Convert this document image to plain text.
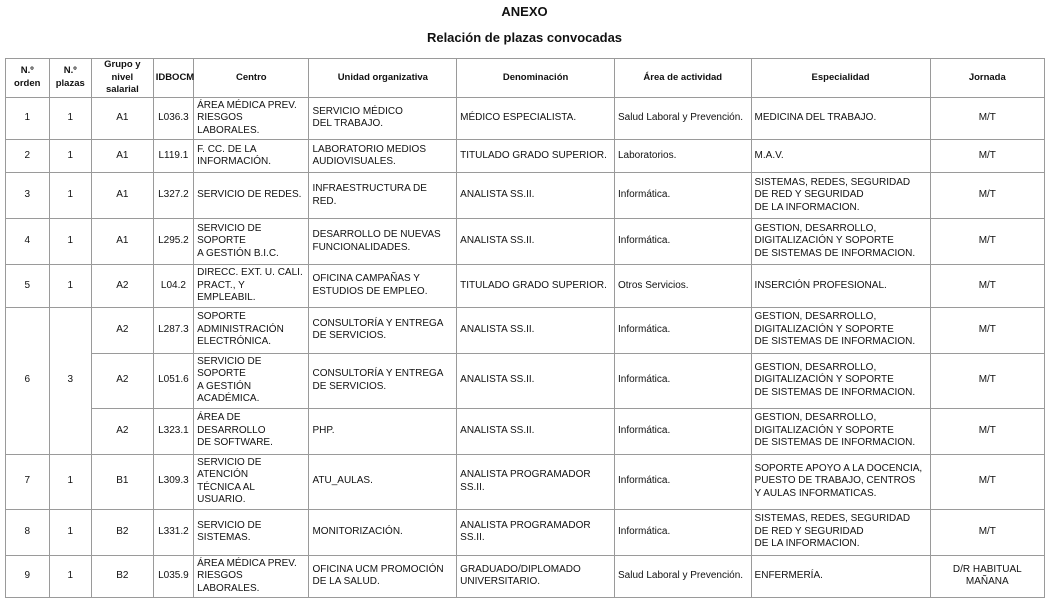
ANEXO
Relación de plazas convocadas
N.º orden	N.º plazas	Grupo y nivel salarial	IDBOCM	Centro	Unidad organizativa	Denominación	Área de actividad	Especialidad	Jornada
1	1	A1	L036.3	ÁREA MÉDICA PREV.
RIESGOS LABORALES.	SERVICIO MÉDICO
DEL TRABAJO.	MÉDICO ESPECIALISTA.	Salud Laboral y Prevención.	MEDICINA DEL TRABAJO.	M/T
2	1	A1	L119.1	F. CC. DE LA
INFORMACIÓN.	LABORATORIO MEDIOS
AUDIOVISUALES.	TITULADO GRADO SUPERIOR.	Laboratorios.	M.A.V.	M/T
3	1	A1	L327.2	SERVICIO DE REDES.	INFRAESTRUCTURA DE RED.	ANALISTA SS.II.	Informática.	SISTEMAS, REDES, SEGURIDAD
DE RED Y SEGURIDAD
DE LA INFORMACION.	M/T
4	1	A1	L295.2	SERVICIO DE SOPORTE
A GESTIÓN B.I.C.	DESARROLLO DE NUEVAS
FUNCIONALIDADES.	ANALISTA SS.II.	Informática.	GESTION, DESARROLLO,
DIGITALIZACIÓN Y SOPORTE
DE SISTEMAS DE INFORMACION.	M/T
5	1	A2	L04.2	DIRECC. EXT. U. CALI.
PRACT., Y EMPLEABIL.	OFICINA CAMPAÑAS Y
ESTUDIOS DE EMPLEO.	TITULADO GRADO SUPERIOR.	Otros Servicios.	INSERCIÓN PROFESIONAL.	M/T
6	3	A2	L287.3	SOPORTE
ADMINISTRACIÓN
ELECTRÓNICA.	CONSULTORÍA Y ENTREGA
DE SERVICIOS.	ANALISTA SS.II.	Informática.	GESTION, DESARROLLO,
DIGITALIZACIÓN Y SOPORTE
DE SISTEMAS DE INFORMACION.	M/T
		A2	L051.6	SERVICIO DE SOPORTE
A GESTIÓN
ACADÉMICA.	CONSULTORÍA Y ENTREGA
DE SERVICIOS.	ANALISTA SS.II.	Informática.	GESTION, DESARROLLO,
DIGITALIZACIÓN Y SOPORTE
DE SISTEMAS DE INFORMACION.	M/T
		A2	L323.1	ÁREA DE DESARROLLO
DE SOFTWARE.	PHP.	ANALISTA SS.II.	Informática.	GESTION, DESARROLLO,
DIGITALIZACIÓN Y SOPORTE
DE SISTEMAS DE INFORMACION.	M/T
7	1	B1	L309.3	SERVICIO DE ATENCIÓN
TÉCNICA AL USUARIO.	ATU_AULAS.	ANALISTA PROGRAMADOR SS.II.	Informática.	SOPORTE APOYO A LA DOCENCIA,
PUESTO DE TRABAJO, CENTROS
Y AULAS INFORMATICAS.	M/T
8	1	B2	L331.2	SERVICIO DE SISTEMAS.	MONITORIZACIÓN.	ANALISTA PROGRAMADOR SS.II.	Informática.	SISTEMAS, REDES, SEGURIDAD
DE RED Y SEGURIDAD
DE LA INFORMACION.	M/T
9	1	B2	L035.9	ÁREA MÉDICA PREV.
RIESGOS LABORALES.	OFICINA UCM PROMOCIÓN
DE LA SALUD.	GRADUADO/DIPLOMADO
UNIVERSITARIO.	Salud Laboral y Prevención.	ENFERMERÍA.	D/R HABITUAL MAÑANA
